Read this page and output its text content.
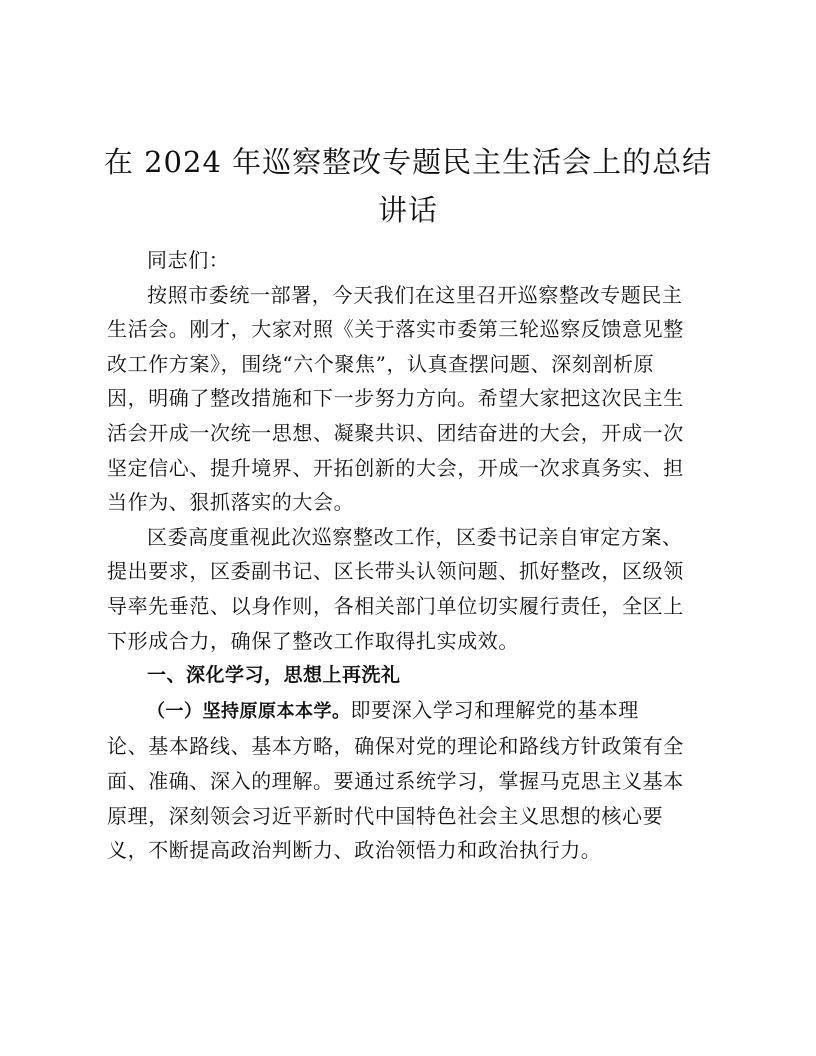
在 2024 年巡察整改专题民主生活会上的总结
讲话

同志们：

按照市委统一部署，今天我们在这里召开巡察整改专题民主
生活会。刚才，大家对照《关于落实市委第三轮巡察反馈意见整
改工作方案》，围绕“六个聚焦”，认真查摆问题、深刻剖析原
因，明确了整改措施和下一步努力方向。希望大家把这次民主生
活会开成一次统一思想、凝聚共识、团结奋进的大会，开成一次
坚定信心、提升境界、开拓创新的大会，开成一次求真务实、担
当作为、狠抓落实的大会。

区委高度重视此次巡察整改工作，区委书记亲自审定方案、
提出要求，区委副书记、区长带头认领问题、抓好整改，区级领
导率先垂范、以身作则，各相关部门单位切实履行责任，全区上
下形成合力，确保了整改工作取得扎实成效。

一、深化学习，思想上再洗礼

（一）坚持原原本本学。即要深入学习和理解党的基本理
论、基本路线、基本方略，确保对党的理论和路线方针政策有全
面、准确、深入的理解。要通过系统学习，掌握马克思主义基本
原理，深刻领会习近平新时代中国特色社会主义思想的核心要
义，不断提高政治判断力、政治领悟力和政治执行力。
